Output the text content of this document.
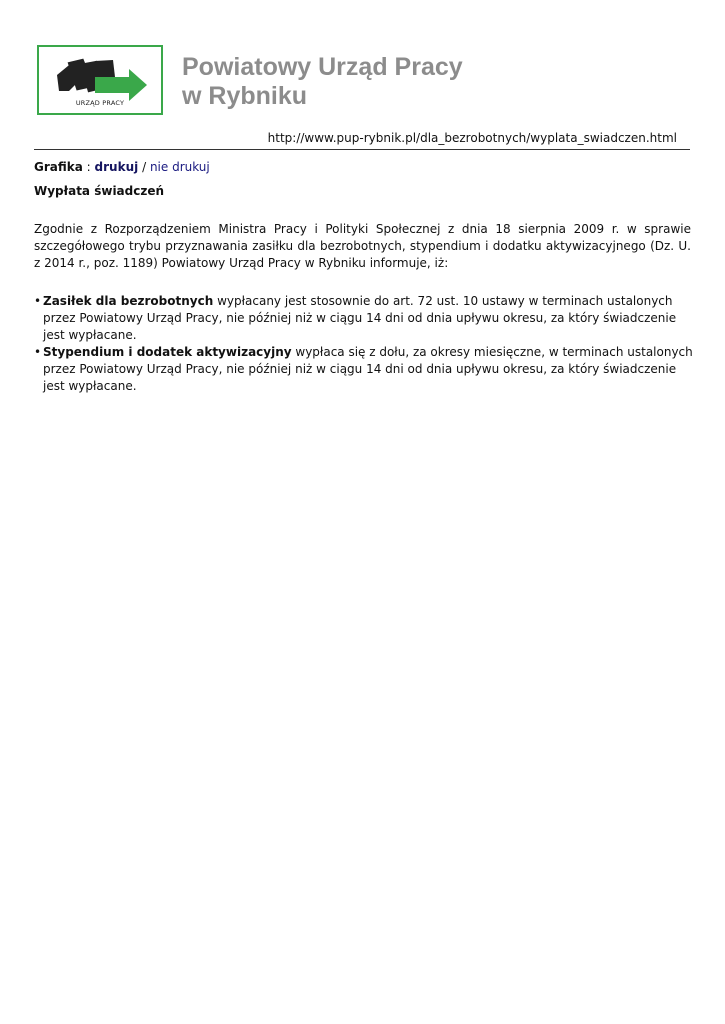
URZĄD PRACY
Powiatowy Urząd Pracy
w Rybniku
http://www.pup-rybnik.pl/dla_bezrobotnych/wyplata_swiadczen.html
Grafika : drukuj / nie drukuj
Wypłata świadczeń

Zgodnie z Rozporządzeniem Ministra Pracy i Polityki Społecznej z dnia 18 sierpnia 2009 r. w sprawie szczegółowego trybu przyznawania zasiłku dla bezrobotnych, stypendium i dodatku aktywizacyjnego (Dz. U. z 2014 r., poz. 1189) Powiatowy Urząd Pracy w Rybniku informuje, iż:

• Zasiłek dla bezrobotnych wypłacany jest stosownie do art. 72 ust. 10 ustawy w terminach ustalonych przez Powiatowy Urząd Pracy, nie później niż w ciągu 14 dni od dnia upływu okresu, za który świadczenie jest wypłacane.
• Stypendium i dodatek aktywizacyjny wypłaca się z dołu, za okresy miesięczne, w terminach ustalonych przez Powiatowy Urząd Pracy, nie później niż w ciągu 14 dni od dnia upływu okresu, za który świadczenie jest wypłacane.
